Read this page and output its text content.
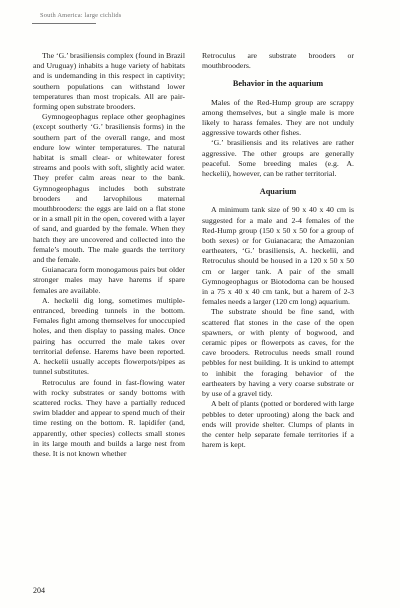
South America: large cichlids

The ‘G.’ brasiliensis complex (found in Brazil and Uruguay) inhabits a huge variety of habitats and is undemanding in this respect in captivity; southern populations can withstand lower temperatures than most tropicals. All are pair-forming open substrate brooders.

Gymnogeophagus replace other geophagines (except southerly ‘G.’ brasiliensis forms) in the southern part of the overall range, and most endure low winter temperatures. The natural habitat is small clear- or whitewater forest streams and pools with soft, slightly acid water. They prefer calm areas near to the bank. Gymnogeophagus includes both substrate brooders and larvophilous maternal mouthbrooders: the eggs are laid on a flat stone or in a small pit in the open, covered with a layer of sand, and guarded by the female. When they hatch they are uncovered and collected into the female’s mouth. The male guards the territory and the female.

Guianacara form monogamous pairs but older stronger males may have harems if spare females are available.

A. heckelii dig long, sometimes multiple-entranced, breeding tunnels in the bottom. Females fight among themselves for unoccupied holes, and then display to passing males. Once pairing has occurred the male takes over territorial defense. Harems have been reported. A. heckelii usually accepts flowerpots/pipes as tunnel substitutes.

Retroculus are found in fast-flowing water with rocky substrates or sandy bottoms with scattered rocks. They have a partially reduced swim bladder and appear to spend much of their time resting on the bottom. R. lapidifer (and, apparently, other species) collects small stones in its large mouth and builds a large nest from these. It is not known whether

Retroculus are substrate brooders or mouthbrooders.

Behavior in the aquarium

Males of the Red-Hump group are scrappy among themselves, but a single male is more likely to harass females. They are not unduly aggressive towards other fishes.

‘G.’ brasiliensis and its relatives are rather aggressive. The other groups are generally peaceful. Some breeding males (e.g. A. heckelii), however, can be rather territorial.

Aquarium

A minimum tank size of 90 x 40 x 40 cm is suggested for a male and 2-4 females of the Red-Hump group (150 x 50 x 50 for a group of both sexes) or for Guianacara; the Amazonian eartheaters, ‘G.’ brasiliensis, A. heckelii, and Retroculus should be housed in a 120 x 50 x 50 cm or larger tank. A pair of the small Gymnogeophagus or Biotodoma can be housed in a 75 x 40 x 40 cm tank, but a harem of 2-3 females needs a larger (120 cm long) aquarium.

The substrate should be fine sand, with scattered flat stones in the case of the open spawners, or with plenty of bogwood, and ceramic pipes or flowerpots as caves, for the cave brooders. Retroculus needs small round pebbles for nest building. It is unkind to attempt to inhibit the foraging behavior of the eartheaters by having a very coarse substrate or by use of a gravel tidy.

A belt of plants (potted or bordered with large pebbles to deter uprooting) along the back and ends will provide shelter. Clumps of plants in the center help separate female territories if a harem is kept.

204
